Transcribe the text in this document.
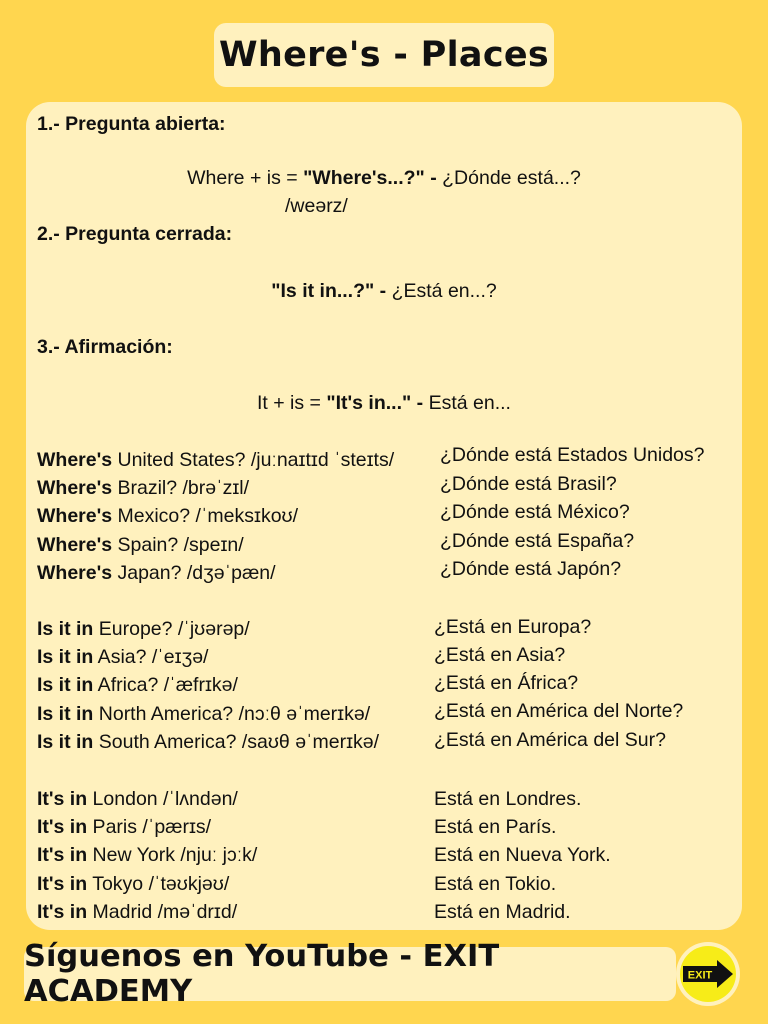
Where's - Places
1.- Pregunta abierta:
Where + is = "Where's...?" - ¿Dónde está...?
/weərz/
2.- Pregunta cerrada:
"Is it in...?" - ¿Está en...?
3.- Afirmación:
It + is = "It's in..." - Está en...
Where's United States? /juːnaɪtɪd ˈsteɪts/ ¿Dónde está Estados Unidos?
Where's Brazil? /brəˈzɪl/	¿Dónde está Brasil?
Where's Mexico? /ˈmeksɪkoʊ/	¿Dónde está México?
Where's Spain? /speɪn/	¿Dónde está España?
Where's Japan? /dʒəˈpæn/	¿Dónde está Japón?
Is it in Europe? /ˈjʊərəp/	¿Está en Europa?
Is it in Asia? /ˈeɪʒə/	¿Está en Asia?
Is it in Africa? /ˈæfrɪkə/	¿Está en África?
Is it in North America? /nɔːθ əˈmerɪkə/	¿Está en América del Norte?
Is it in South America? /saʊθ əˈmerɪkə/	¿Está en América del Sur?
It's in London /ˈlʌndən/	Está en Londres.
It's in Paris /ˈpærɪs/	Está en París.
It's in New York /njuː jɔːk/	Está en Nueva York.
It's in Tokyo /ˈtəʊkjəʊ/	Está en Tokio.
It's in Madrid /məˈdrɪd/	Está en Madrid.
Síguenos en YouTube - EXIT ACADEMY	EXIT
